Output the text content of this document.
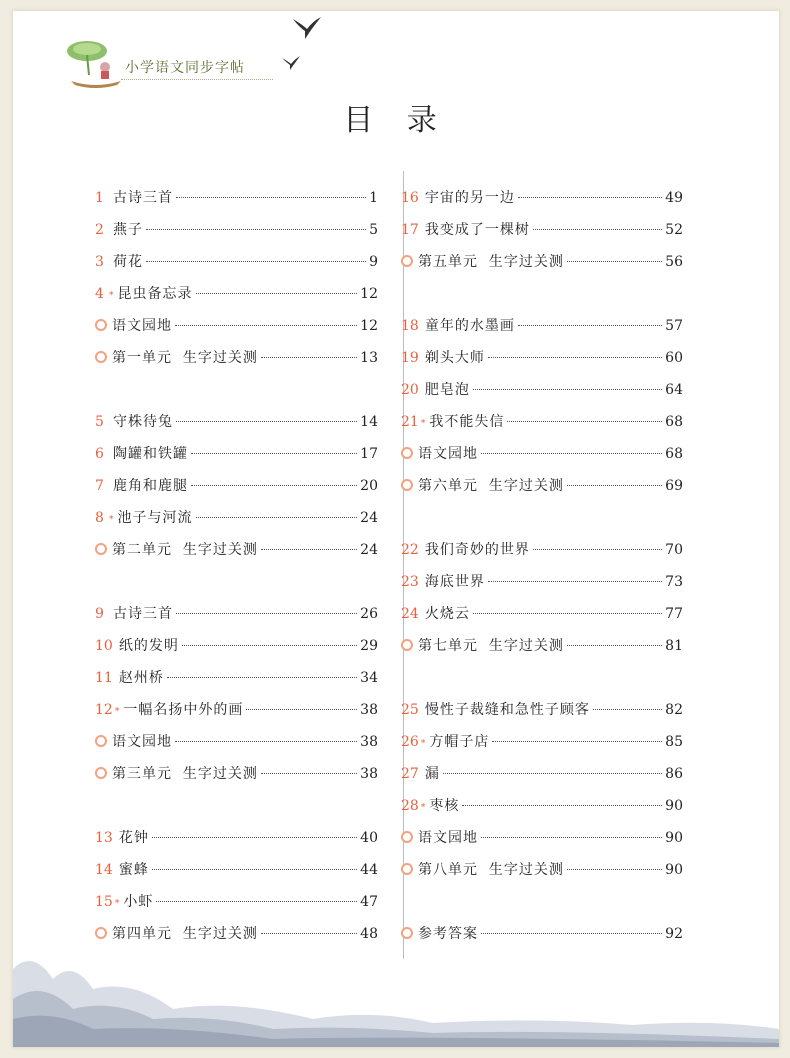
小学语文同步字帖
目 录
1 古诗三首	1
2 燕子	5
3 荷花	9
4 * 昆虫备忘录	12
语文园地	12
第一单元  生字过关测	13
5 守株待兔	14
6 陶罐和铁罐	17
7 鹿角和鹿腿	20
8 * 池子与河流	24
第二单元  生字过关测	24
9 古诗三首	26
10 纸的发明	29
11 赵州桥	34
12 * 一幅名扬中外的画	38
语文园地	38
第三单元  生字过关测	38
13 花钟	40
14 蜜蜂	44
15 * 小虾	47
第四单元  生字过关测	48
16 宇宙的另一边	49
17 我变成了一棵树	52
第五单元  生字过关测	56
18 童年的水墨画	57
19 剃头大师	60
20 肥皂泡	64
21 * 我不能失信	68
语文园地	68
第六单元  生字过关测	69
22 我们奇妙的世界	70
23 海底世界	73
24 火烧云	77
第七单元  生字过关测	81
25 慢性子裁缝和急性子顾客	82
26 * 方帽子店	85
27 漏	86
28 * 枣核	90
语文园地	90
第八单元  生字过关测	90
参考答案	92
